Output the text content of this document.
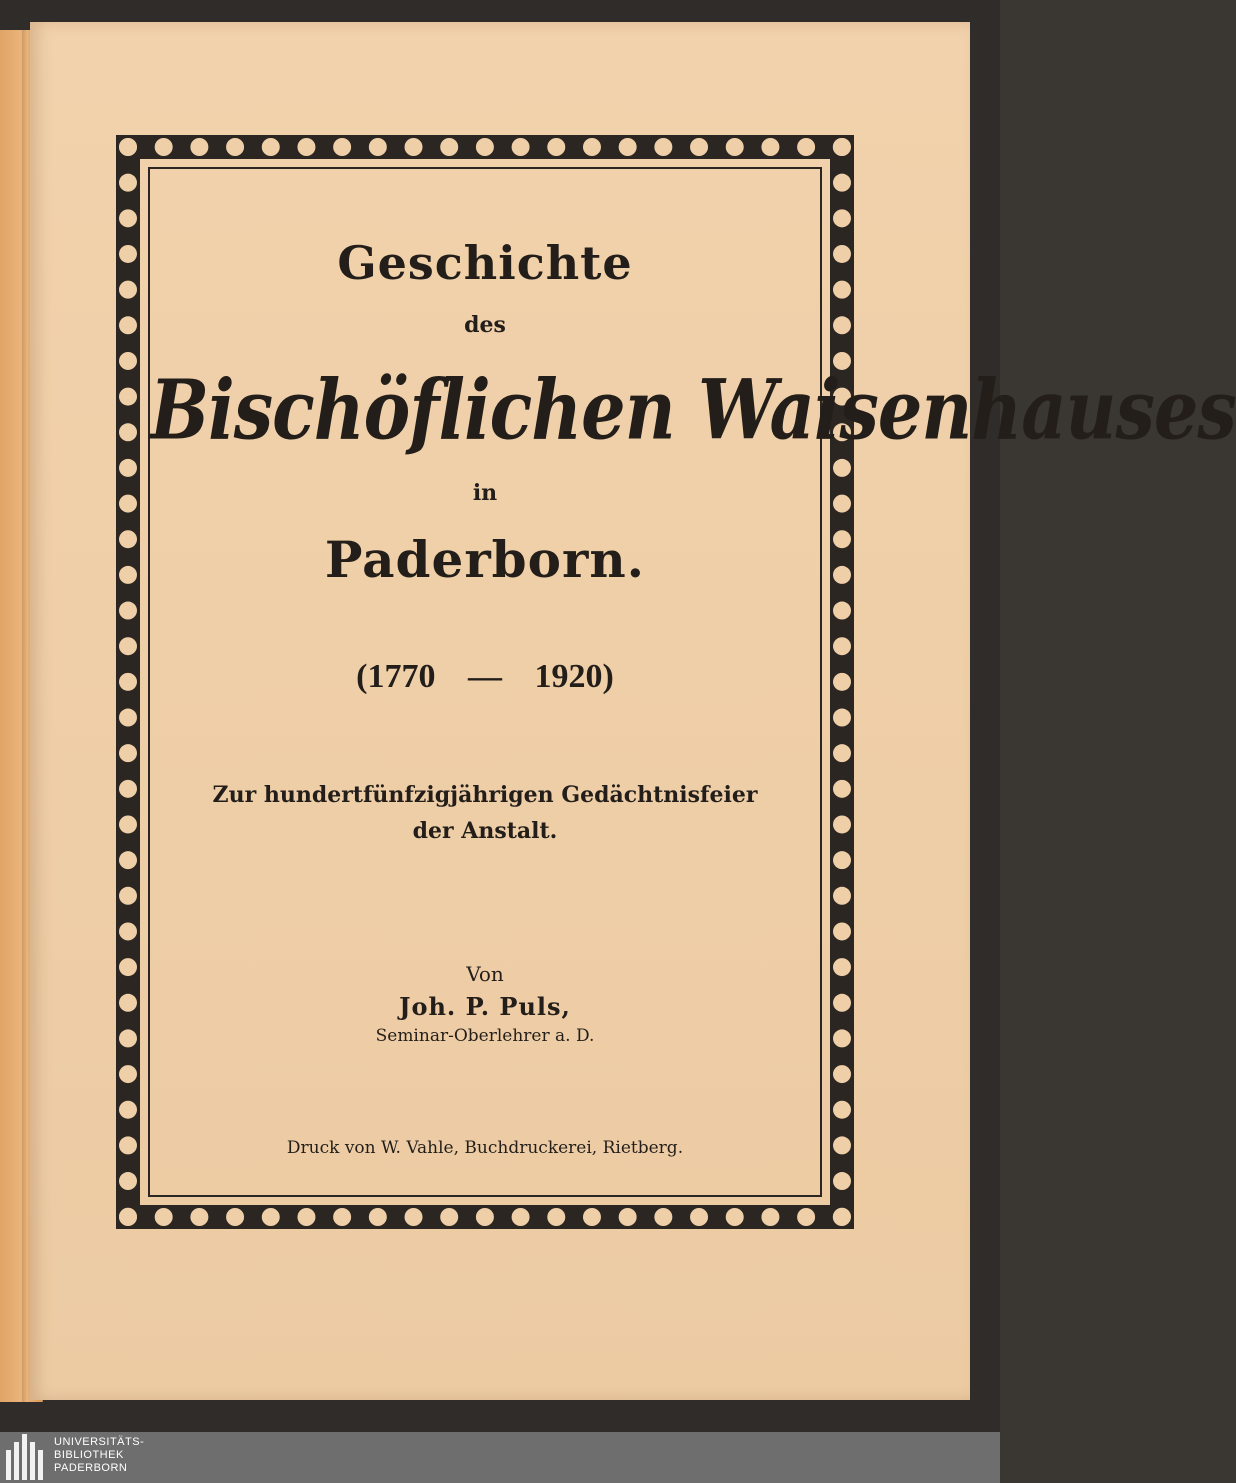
Geschichte
des
Bischöflichen Waisenhauses
in
Paderborn.
(1770 — 1920)
Zur hundertfünfzigjährigen Gedächtnisfeier
der Anstalt.
Von
Joh. P. Puls,
Seminar-Oberlehrer a. D.
Druck von W. Vahle, Buchdruckerei, Rietberg.
UNIVERSITÄTS-
BIBLIOTHEK
PADERBORN
